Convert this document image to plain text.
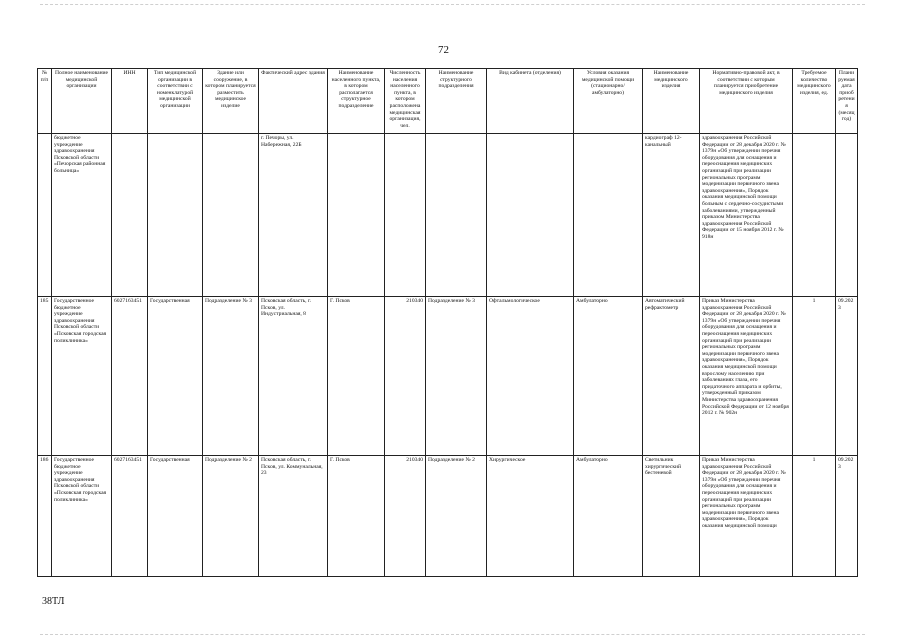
72
№ п/п	Полное наименование медицинской организации	ИНН	Тип медицинской организации в соответствии с номенклатурой медицинской организации	Здание или сооружение, в котором планируется разместить медицинское изделие	Фактический адрес здания	Наименование населенного пункта, в котором располагается структурное подразделение	Численность населения населенного пункта, в котором расположена медицинская организация, чел.	Наименование структурного подразделения	Вид кабинета (отделения)	Условия оказания медицинской помощи (стационарно/ амбулаторно)	Наименование медицинского изделия	Нормативно-правовой акт, в соответствии с которым планируется приобретение медицинского изделия	Требуемое количество медицинского изделия, ед.	Планируемая дата приобретения (месяц год)
	бюджетное учреждение здравоохранения Псковской области «Печорская районная больница»				г. Печоры, ул. Набережная, 22Б						кардиограф 12-канальный	здравоохранения Российской Федерации от 28 декабря 2020 г. № 1379н «Об утверждении перечня оборудования для оснащения и переоснащения медицинских организаций при реализации региональных программ модернизации первичного звена здравоохранения», Порядок оказания медицинской помощи больным с сердечно-сосудистыми заболеваниями, утвержденный приказом Министерства здравоохранения Российской Федерации от 15 ноября 2012 г. № 918н		
185	Государственное бюджетное учреждение здравоохранения Псковской области «Псковская городская поликлиника»	6027163451	Государственная	Подразделение № 3	Псковская область, г. Псков, ул. Индустриальная, 8	Г. Псков	210340	Подразделение № 3	Офтальмологическое	Амбулаторно	Автоматический рефрактометр	Приказ Министерства здравоохранения Российской Федерации от 28 декабря 2020 г. № 1379н «Об утверждении перечня оборудования для оснащения и переоснащения медицинских организаций при реализации региональных программ модернизации первичного звена здравоохранения», Порядок оказания медицинской помощи взрослому населению при заболеваниях глаза, его придаточного аппарата и орбиты, утвержденный приказом Министерства здравоохранения Российской Федерации от 12 ноября 2012 г. № 902н	1	09.2023
186	Государственное бюджетное учреждение здравоохранения Псковской области «Псковская городская поликлиника»	6027163451	Государственная	Подразделение № 2	Псковская область, г. Псков, ул. Коммунальная, 23	Г. Псков	210340	Подразделение № 2	Хирургическое	Амбулаторно	Светильник хирургический бестеневой	Приказ Министерства здравоохранения Российской Федерации от 28 декабря 2020 г. № 1379н «Об утверждении перечня оборудования для оснащения и переоснащения медицинских организаций при реализации региональных программ модернизации первичного звена здравоохранения», Порядок оказания медицинской помощи	1	09.2023
38ТЛ
